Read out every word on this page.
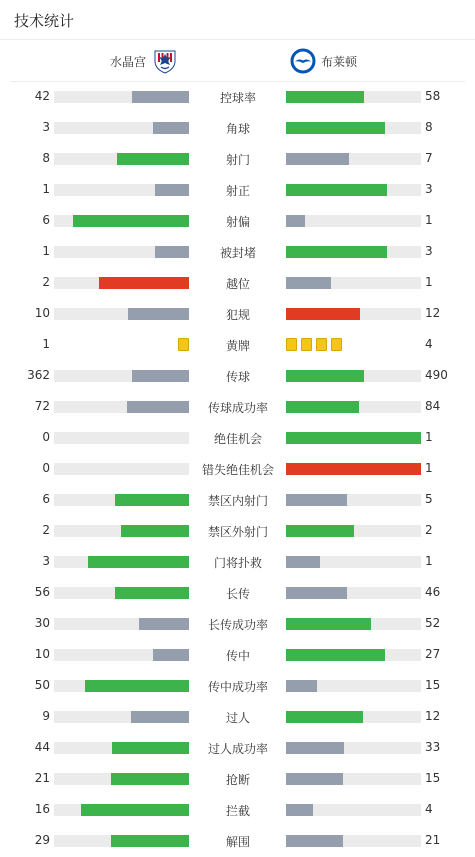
技术统计
水晶宫	布莱顿
42	控球率	58
3	角球	8
8	射门	7
1	射正	3
6	射偏	1
1	被封堵	3
2	越位	1
10	犯规	12
1	黄牌	4
362	传球	490
72	传球成功率	84
0	绝佳机会	1
0	错失绝佳机会	1
6	禁区内射门	5
2	禁区外射门	2
3	门将扑救	1
56	长传	46
30	长传成功率	52
10	传中	27
50	传中成功率	15
9	过人	12
44	过人成功率	33
21	抢断	15
16	拦截	4
29	解围	21
